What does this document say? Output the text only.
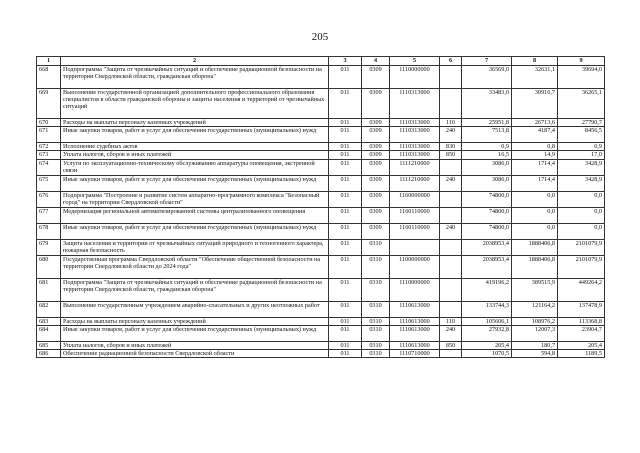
205
1	2	3	4	5	6	7	8	9
668	Подпрограмма "Защита от чрезвычайных ситуаций и обеспечение радиационной безопасности на территории Свердловской области, гражданская оборона"	011	0309	1110000000		36569,0	32631,1	39694,0
669	Выполнение государственной организацией дополнительного профессионального образования специалистов в области гражданской обороны и защиты населения и территорий от чрезвычайных ситуаций	011	0309	1110313000		33483,0	30916,7	36265,1
670	Расходы на выплаты персоналу казенных учреждений	011	0309	1110313000	110	25951,8	26713,6	27790,7
671	Иные закупки товаров, работ и услуг для обеспечения государственных (муниципальных) нужд	011	0309	1110313000	240	7513,8	4187,4	8456,5
672	Исполнение судебных актов	011	0309	1110313000	830	0,9	0,8	0,9
673	Уплата налогов, сборов и иных платежей	011	0309	1110313000	850	16,5	14,9	17,0
674	Услуги по эксплуатационно-техническому обслуживанию аппаратуры оповещения, экстренной связи	011	0309	1111210000		3086,0	1714,4	3428,9
675	Иные закупки товаров, работ и услуг для обеспечения государственных (муниципальных) нужд	011	0309	1111210000	240	3086,0	1714,4	3428,9
676	Подпрограмма "Построение и развитие систем аппаратно-программного комплекса "Безопасный город" на территории Свердловской области"	011	0309	1160000000		74800,0	0,0	0,0
677	Модернизация региональной автоматизированной системы централизованного оповещения	011	0309	1160110000		74800,0	0,0	0,0
678	Иные закупки товаров, работ и услуг для обеспечения государственных (муниципальных) нужд	011	0309	1160110000	240	74800,0	0,0	0,0
679	Защита населения и территории от чрезвычайных ситуаций природного и техногенного характера, пожарная безопасность	011	0310			2038953,4	1888406,8	2101079,9
680	Государственная программа Свердловской области "Обеспечение общественной безопасности на территории Свердловской области до 2024 года"	011	0310	1100000000		2038953,4	1888406,8	2101079,9
681	Подпрограмма "Защита от чрезвычайных ситуаций и обеспечение радиационной безопасности на территории Свердловской области, гражданская оборона"	011	0310	1110000000		419196,2	389515,9	449264,2
682	Выполнение государственным учреждением аварийно-спасательных и других неотложных работ	011	0310	1110613000		133744,3	121164,2	137478,9
683	Расходы на выплаты персоналу казенных учреждений	011	0310	1110613000	110	105606,1	108976,2	113368,8
684	Иные закупки товаров, работ и услуг для обеспечения государственных (муниципальных) нужд	011	0310	1110613000	240	27932,8	12007,3	23904,7
685	Уплата налогов, сборов и иных платежей	011	0310	1110613000	850	205,4	180,7	205,4
686	Обеспечение радиационной безопасности Свердловской области	011	0310	1110710000		1070,5	594,8	1189,5
